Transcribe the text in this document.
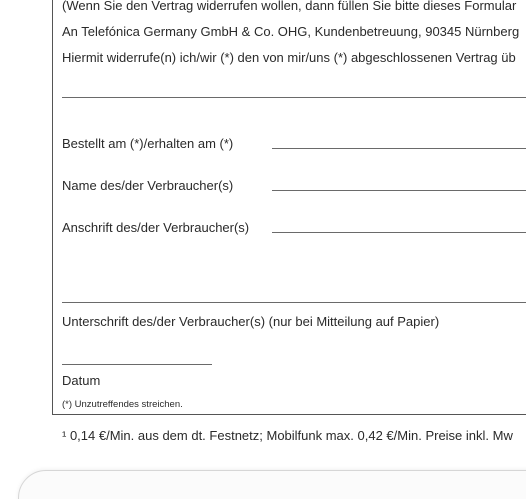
(Wenn Sie den Vertrag widerrufen wollen, dann füllen Sie bitte dieses Formular
An Telefónica Germany GmbH & Co. OHG, Kundenbetreuung, 90345 Nürnberg
Hiermit widerrufe(n) ich/wir (*) den von mir/uns (*) abgeschlossenen Vertrag üb
Bestellt am (*)/erhalten am (*)
Name des/der Verbraucher(s)
Anschrift des/der Verbraucher(s)
Unterschrift des/der Verbraucher(s) (nur bei Mitteilung auf Papier)
Datum
(*) Unzutreffendes streichen.
¹ 0,14 €/Min. aus dem dt. Festnetz; Mobilfunk max. 0,42 €/Min. Preise inkl. Mw
